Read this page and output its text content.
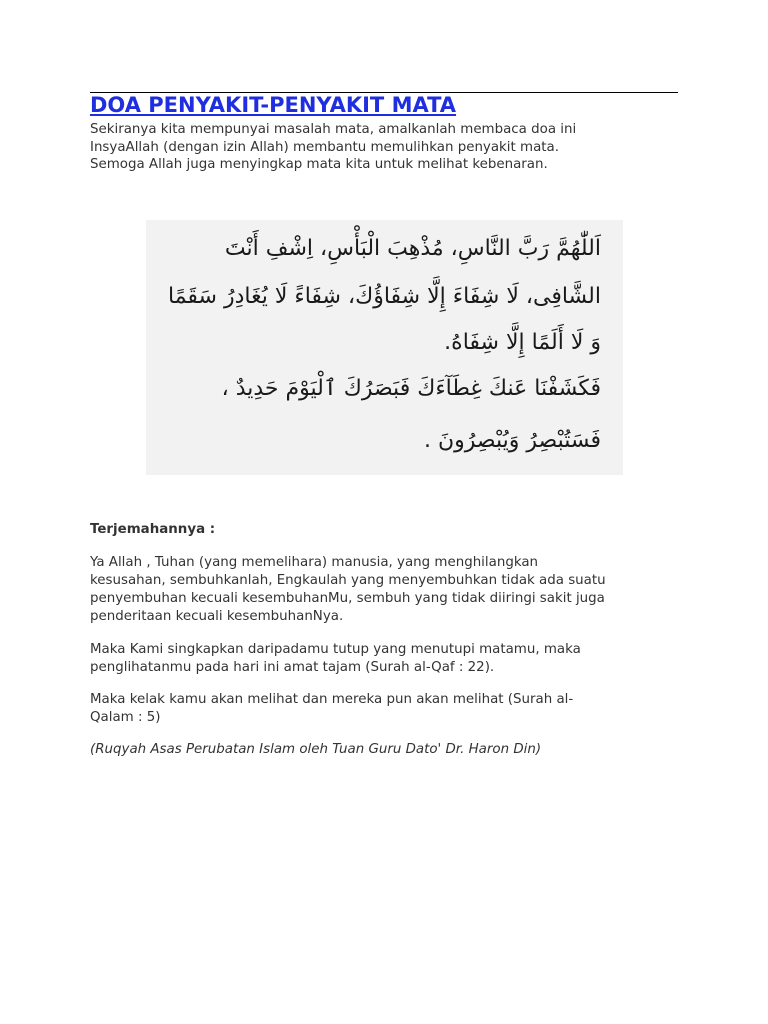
DOA PENYAKIT-PENYAKIT MATA
Sekiranya kita mempunyai masalah mata, amalkanlah membaca doa ini
InsyaAllah (dengan izin Allah) membantu memulihkan penyakit mata.
Semoga Allah juga menyingkap mata kita untuk melihat kebenaran.
اَللّٰهُمَّ رَبَّ النَّاسِ، مُذْهِبَ الْبَأْسِ، اِشْفِ أَنْتَ
الشَّافِى، لَا شِفَاءَ إِلَّا شِفَاؤُكَ، شِفَاءً لَا يُغَادِرُ سَقَمًا
وَ لَا أَلَمًا إِلَّا شِفَاهُ.
فَكَشَفْنَا عَنكَ غِطَآءَكَ فَبَصَرُكَ ٱلْيَوْمَ حَدِيدٌ ،
فَسَتُبْصِرُ وَيُبْصِرُونَ .
Terjemahannya :

Ya Allah , Tuhan (yang memelihara) manusia, yang menghilangkan
kesusahan, sembuhkanlah, Engkaulah yang menyembuhkan tidak ada suatu
penyembuhan kecuali kesembuhanMu, sembuh yang tidak diiringi sakit juga
penderitaan kecuali kesembuhanNya.

Maka Kami singkapkan daripadamu tutup yang menutupi matamu, maka
penglihatanmu pada hari ini amat tajam (Surah al-Qaf : 22).

Maka kelak kamu akan melihat dan mereka pun akan melihat (Surah al-
Qalam : 5)

(Ruqyah Asas Perubatan Islam oleh Tuan Guru Dato' Dr. Haron Din)
